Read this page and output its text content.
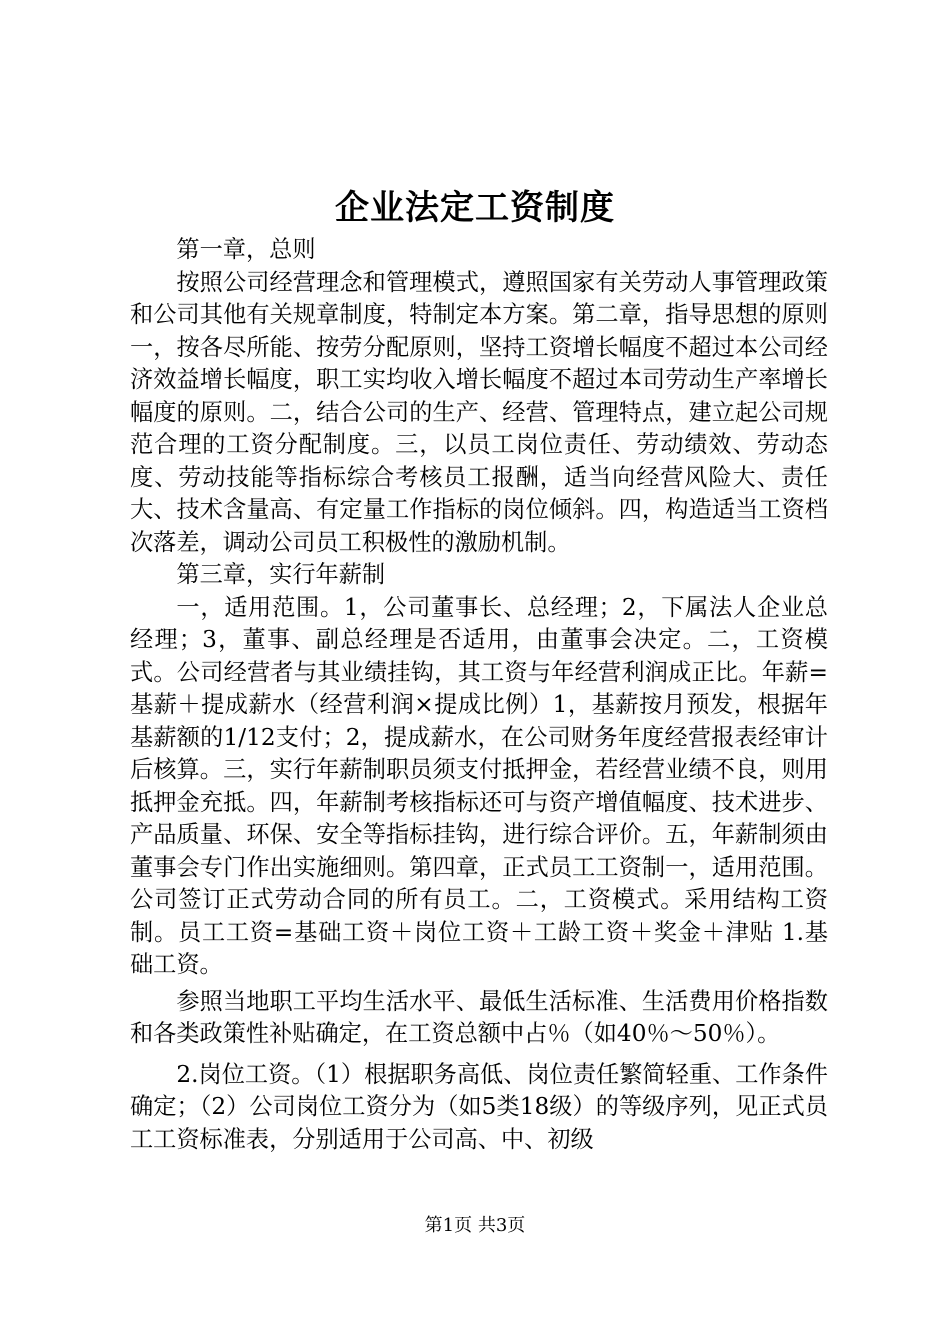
企业法定工资制度

第一章，总则

按照公司经营理念和管理模式，遵照国家有关劳动人事管理政策和公司其他有关规章制度，特制定本方案。第二章，指导思想的原则一，按各尽所能、按劳分配原则，坚持工资增长幅度不超过本公司经济效益增长幅度，职工实均收入增长幅度不超过本司劳动生产率增长幅度的原则。二，结合公司的生产、经营、管理特点，建立起公司规范合理的工资分配制度。三，以员工岗位责任、劳动绩效、劳动态度、劳动技能等指标综合考核员工报酬，适当向经营风险大、责任大、技术含量高、有定量工作指标的岗位倾斜。四，构造适当工资档次落差，调动公司员工积极性的激励机制。

第三章，实行年薪制

一，适用范围。1，公司董事长、总经理；2，下属法人企业总经理；3，董事、副总经理是否适用，由董事会决定。二，工资模式。公司经营者与其业绩挂钩，其工资与年经营利润成正比。年薪=基薪＋提成薪水（经营利润×提成比例）1，基薪按月预发，根据年基薪额的1/12支付；2，提成薪水，在公司财务年度经营报表经审计后核算。三，实行年薪制职员须支付抵押金，若经营业绩不良，则用抵押金充抵。四，年薪制考核指标还可与资产增值幅度、技术进步、产品质量、环保、安全等指标挂钩，进行综合评价。五，年薪制须由董事会专门作出实施细则。第四章，正式员工工资制一，适用范围。公司签订正式劳动合同的所有员工。二，工资模式。采用结构工资制。员工工资=基础工资＋岗位工资＋工龄工资＋奖金＋津贴 1.基础工资。

参照当地职工平均生活水平、最低生活标准、生活费用价格指数和各类政策性补贴确定，在工资总额中占％（如40％～50％）。

2.岗位工资。（1）根据职务高低、岗位责任繁简轻重、工作条件确定；（2）公司岗位工资分为（如5类18级）的等级序列，见正式员工工资标准表，分别适用于公司高、中、初级

第1页 共3页
